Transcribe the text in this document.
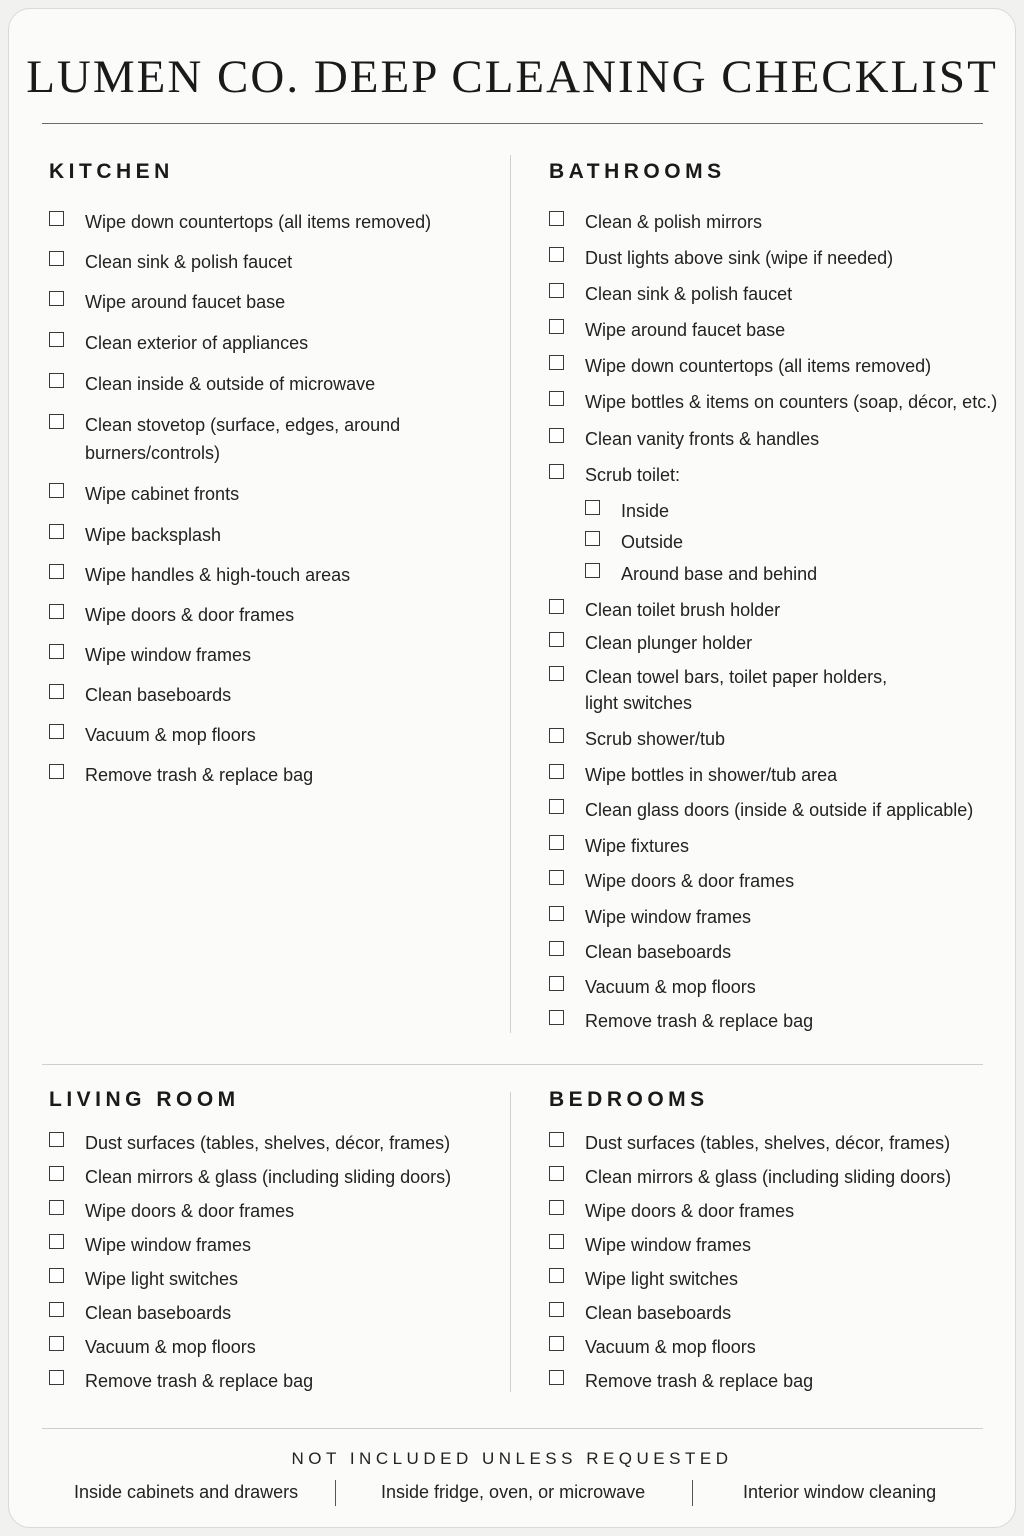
LUMEN CO. DEEP CLEANING CHECKLIST
KITCHEN
Wipe down countertops (all items removed)
Clean sink & polish faucet
Wipe around faucet base
Clean exterior of appliances
Clean inside & outside of microwave
Clean stovetop (surface, edges, around
burners/controls)
Wipe cabinet fronts
Wipe backsplash
Wipe handles & high-touch areas
Wipe doors & door frames
Wipe window frames
Clean baseboards
Vacuum & mop floors
Remove trash & replace bag
BATHROOMS
Clean & polish mirrors
Dust lights above sink (wipe if needed)
Clean sink & polish faucet
Wipe around faucet base
Wipe down countertops (all items removed)
Wipe bottles & items on counters (soap, décor, etc.)
Clean vanity fronts & handles
Scrub toilet:
Inside
Outside
Around base and behind
Clean toilet brush holder
Clean plunger holder
Clean towel bars, toilet paper holders,
light switches
Scrub shower/tub
Wipe bottles in shower/tub area
Clean glass doors (inside & outside if applicable)
Wipe fixtures
Wipe doors & door frames
Wipe window frames
Clean baseboards
Vacuum & mop floors
Remove trash & replace bag
LIVING ROOM
Dust surfaces (tables, shelves, décor, frames)
Clean mirrors & glass (including sliding doors)
Wipe doors & door frames
Wipe window frames
Wipe light switches
Clean baseboards
Vacuum & mop floors
Remove trash & replace bag
BEDROOMS
Dust surfaces (tables, shelves, décor, frames)
Clean mirrors & glass (including sliding doors)
Wipe doors & door frames
Wipe window frames
Wipe light switches
Clean baseboards
Vacuum & mop floors
Remove trash & replace bag
NOT INCLUDED UNLESS REQUESTED
Inside cabinets and drawers	Inside fridge, oven, or microwave	Interior window cleaning
